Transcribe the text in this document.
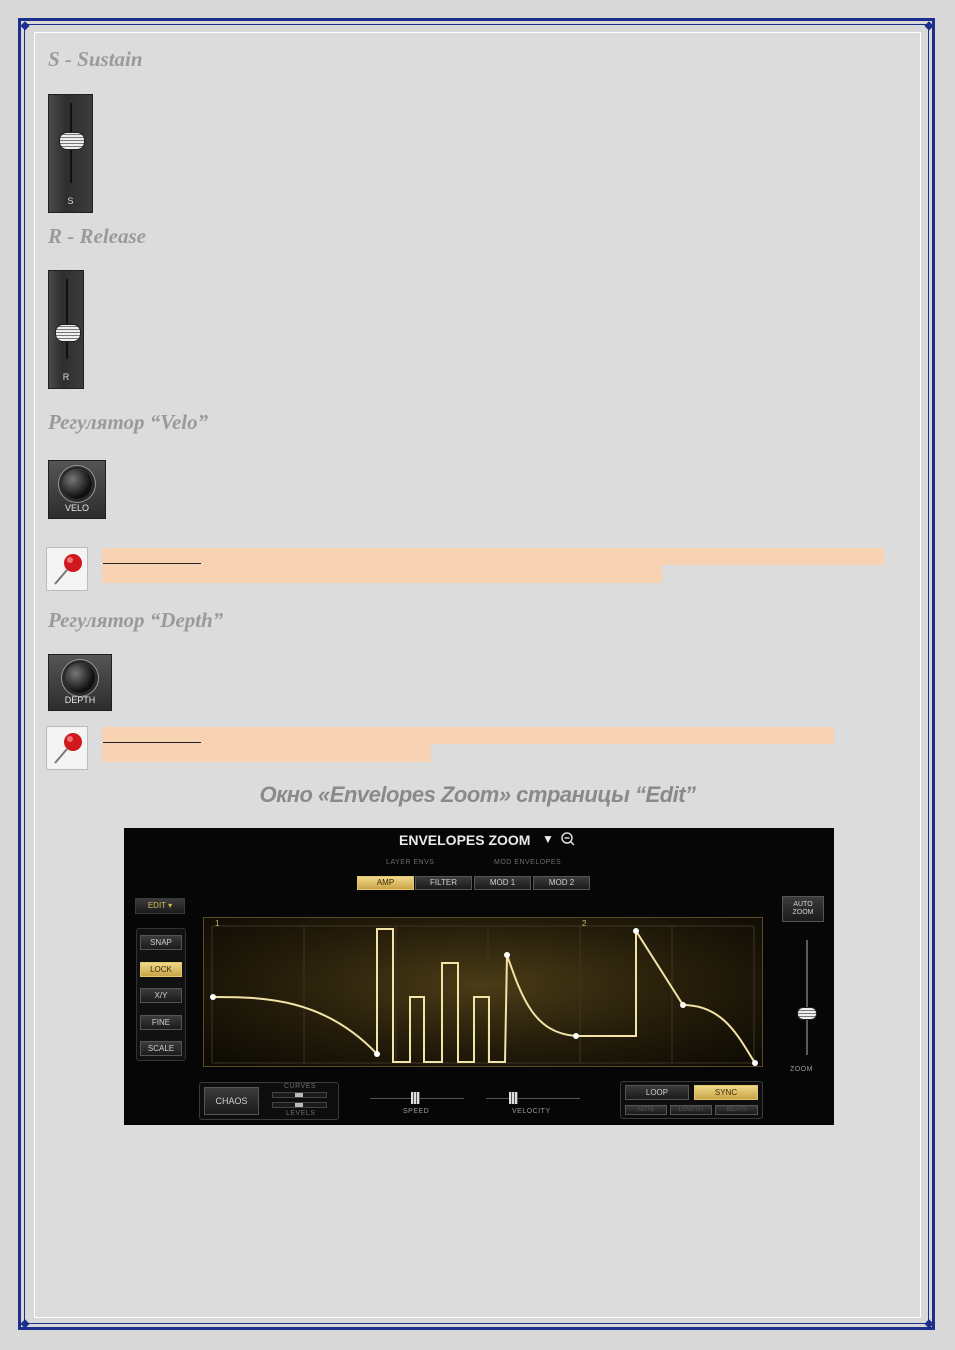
◆	◆
◆	◆
S - Sustain
S
R - Release
R
Регулятор “Velo”
VELO
Регулятор “Depth”
DEPTH
Окно «Envelopes Zoom» страницы “Edit”
ENVELOPES ZOOM ▼
LAYER ENVS	MOD ENVELOPES
AMP	FILTER	MOD 1	MOD 2
EDIT ▾
SNAP
LOCK
X/Y
FINE
SCALE
1	2
AUTO ZOOM
ZOOM
CHAOS
CURVES
LEVELS	SPEED	VELOCITY
LOOP	SYNC
NOTE	LENGTH	BEATS
